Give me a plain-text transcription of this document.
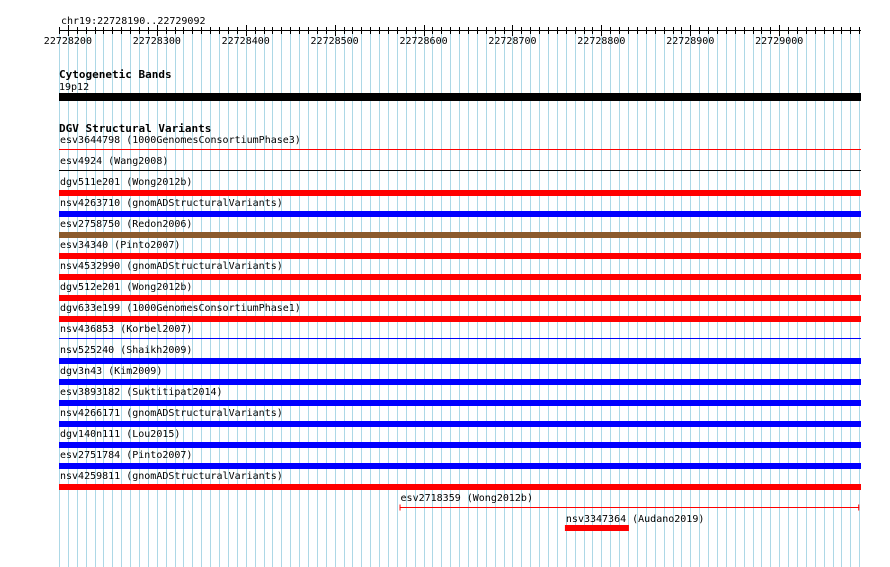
chr19:22728190..22729092
22728200	22728300	22728400	22728500	22728600	22728700	22728800	22728900	22729000
Cytogenetic Bands
19p12
DGV Structural Variants
esv3644798 (1000GenomesConsortiumPhase3)
esv4924 (Wang2008)
dgv511e201 (Wong2012b)
nsv4263710 (gnomADStructuralVariants)
esv2758750 (Redon2006)
esv34340 (Pinto2007)
nsv4532990 (gnomADStructuralVariants)
dgv512e201 (Wong2012b)
dgv633e199 (1000GenomesConsortiumPhase1)
nsv436853 (Korbel2007)
nsv525240 (Shaikh2009)
dgv3n43 (Kim2009)
esv3893182 (Suktitipat2014)
nsv4266171 (gnomADStructuralVariants)
dgv140n111 (Lou2015)
esv2751784 (Pinto2007)
nsv4259811 (gnomADStructuralVariants)
esv2718359 (Wong2012b)
nsv3347364 (Audano2019)
